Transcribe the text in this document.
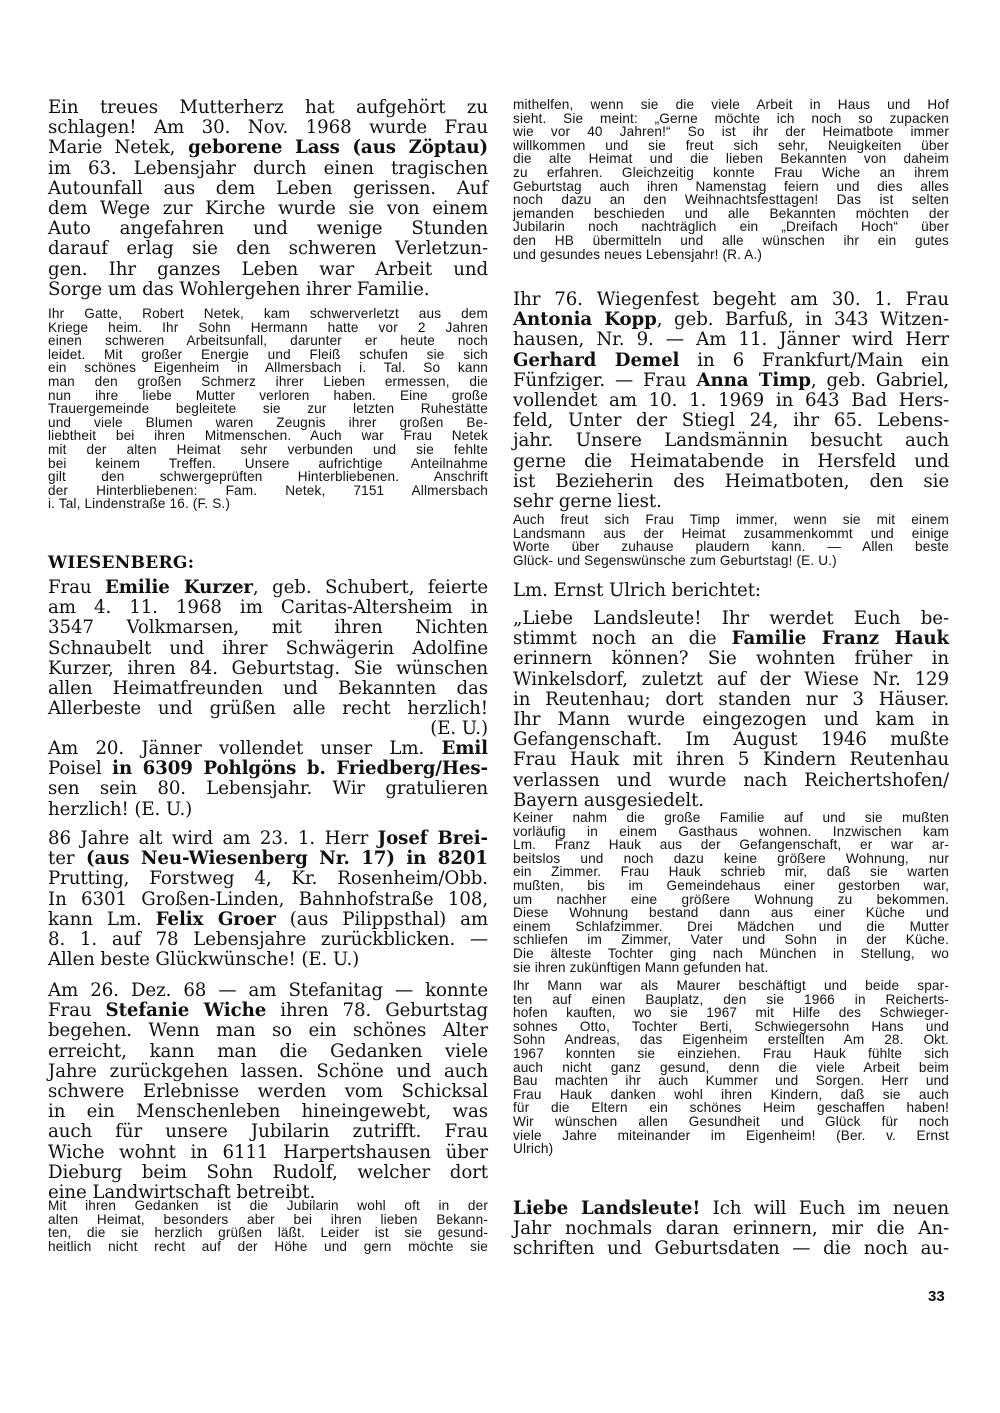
Ein treues Mutterherz hat aufgehört zu
schlagen! Am 30. Nov. 1968 wurde Frau
Marie Netek, geborene Lass (aus Zöptau)
im 63. Lebensjahr durch einen tragischen
Autounfall aus dem Leben gerissen. Auf
dem Wege zur Kirche wurde sie von einem
Auto angefahren und wenige Stunden
darauf erlag sie den schweren Verletzun-
gen. Ihr ganzes Leben war Arbeit und
Sorge um das Wohlergehen ihrer Familie.
Ihr Gatte, Robert Netek, kam schwerverletzt aus dem
Kriege heim. Ihr Sohn Hermann hatte vor 2 Jahren
einen schweren Arbeitsunfall, darunter er heute noch
leidet. Mit großer Energie und Fleiß schufen sie sich
ein schönes Eigenheim in Allmersbach i. Tal. So kann
man den großen Schmerz ihrer Lieben ermessen, die
nun ihre liebe Mutter verloren haben. Eine große
Trauergemeinde begleitete sie zur letzten Ruhestätte
und viele Blumen waren Zeugnis ihrer großen Be-
liebtheit bei ihren Mitmenschen. Auch war Frau Netek
mit der alten Heimat sehr verbunden und sie fehlte
bei keinem Treffen. Unsere aufrichtige Anteilnahme
gilt den schwergeprüften Hinterbliebenen. Anschrift
der Hinterbliebenen: Fam. Netek, 7151 Allmersbach
i. Tal, Lindenstraße 16. (F. S.)
WIESENBERG:
Frau Emilie Kurzer, geb. Schubert, feierte
am 4. 11. 1968 im Caritas-Altersheim in
3547 Volkmarsen, mit ihren Nichten
Schnaubelt und ihrer Schwägerin Adolfine
Kurzer, ihren 84. Geburtstag. Sie wünschen
allen Heimatfreunden und Bekannten das
Allerbeste und grüßen alle recht herzlich!
(E. U.)
Am 20. Jänner vollendet unser Lm. Emil
Poisel in 6309 Pohlgöns b. Friedberg/Hes-
sen sein 80. Lebensjahr. Wir gratulieren
herzlich! (E. U.)
86 Jahre alt wird am 23. 1. Herr Josef Brei-
ter (aus Neu-Wiesenberg Nr. 17) in 8201
Prutting, Forstweg 4, Kr. Rosenheim/Obb.
In 6301 Großen-Linden, Bahnhofstraße 108,
kann Lm. Felix Groer (aus Pilippsthal) am
8. 1. auf 78 Lebensjahre zurückblicken. —
Allen beste Glückwünsche! (E. U.)
Am 26. Dez. 68 — am Stefanitag — konnte
Frau Stefanie Wiche ihren 78. Geburtstag
begehen. Wenn man so ein schönes Alter
erreicht, kann man die Gedanken viele
Jahre zurückgehen lassen. Schöne und auch
schwere Erlebnisse werden vom Schicksal
in ein Menschenleben hineingewebt, was
auch für unsere Jubilarin zutrifft. Frau
Wiche wohnt in 6111 Harpertshausen über
Dieburg beim Sohn Rudolf, welcher dort
eine Landwirtschaft betreibt.
Mit ihren Gedanken ist die Jubilarin wohl oft in der
alten Heimat, besonders aber bei ihren lieben Bekann-
ten, die sie herzlich grüßen läßt. Leider ist sie gesund-
heitlich nicht recht auf der Höhe und gern möchte sie
mithelfen, wenn sie die viele Arbeit in Haus und Hof
sieht. Sie meint: „Gerne möchte ich noch so zupacken
wie vor 40 Jahren!“ So ist ihr der Heimatbote immer
willkommen und sie freut sich sehr, Neuigkeiten über
die alte Heimat und die lieben Bekannten von daheim
zu erfahren. Gleichzeitig konnte Frau Wiche an ihrem
Geburtstag auch ihren Namenstag feiern und dies alles
noch dazu an den Weihnachtsfesttagen! Das ist selten
jemanden beschieden und alle Bekannten möchten der
Jubilarin noch nachträglich ein „Dreifach Hoch“ über
den HB übermitteln und alle wünschen ihr ein gutes
und gesundes neues Lebensjahr! (R. A.)
Ihr 76. Wiegenfest begeht am 30. 1. Frau
Antonia Kopp, geb. Barfuß, in 343 Witzen-
hausen, Nr. 9. — Am 11. Jänner wird Herr
Gerhard Demel in 6 Frankfurt/Main ein
Fünfziger. — Frau Anna Timp, geb. Gabriel,
vollendet am 10. 1. 1969 in 643 Bad Hers-
feld, Unter der Stiegl 24, ihr 65. Lebens-
jahr. Unsere Landsmännin besucht auch
gerne die Heimatabende in Hersfeld und
ist Bezieherin des Heimatboten, den sie
sehr gerne liest.
Auch freut sich Frau Timp immer, wenn sie mit einem
Landsmann aus der Heimat zusammenkommt und einige
Worte über zuhause plaudern kann. — Allen beste
Glück- und Segenswünsche zum Geburtstag! (E. U.)
Lm. Ernst Ulrich berichtet:
„Liebe Landsleute! Ihr werdet Euch be-
stimmt noch an die Familie Franz Hauk
erinnern können? Sie wohnten früher in
Winkelsdorf, zuletzt auf der Wiese Nr. 129
in Reutenhau; dort standen nur 3 Häuser.
Ihr Mann wurde eingezogen und kam in
Gefangenschaft. Im August 1946 mußte
Frau Hauk mit ihren 5 Kindern Reutenhau
verlassen und wurde nach Reichertshofen/
Bayern ausgesiedelt.
Keiner nahm die große Familie auf und sie mußten
vorläufig in einem Gasthaus wohnen. Inzwischen kam
Lm. Franz Hauk aus der Gefangenschaft, er war ar-
beitslos und noch dazu keine größere Wohnung, nur
ein Zimmer. Frau Hauk schrieb mir, daß sie warten
mußten, bis im Gemeindehaus einer gestorben war,
um nachher eine größere Wohnung zu bekommen.
Diese Wohnung bestand dann aus einer Küche und
einem Schlafzimmer. Drei Mädchen und die Mutter
schliefen im Zimmer, Vater und Sohn in der Küche.
Die älteste Tochter ging nach München in Stellung, wo
sie ihren zukünftigen Mann gefunden hat.
Ihr Mann war als Maurer beschäftigt und beide spar-
ten auf einen Bauplatz, den sie 1966 in Reicherts-
hofen kauften, wo sie 1967 mit Hilfe des Schwieger-
sohnes Otto, Tochter Berti, Schwiegersohn Hans und
Sohn Andreas, das Eigenheim erstellten Am 28. Okt.
1967 konnten sie einziehen. Frau Hauk fühlte sich
auch nicht ganz gesund, denn die viele Arbeit beim
Bau machten ihr auch Kummer und Sorgen. Herr und
Frau Hauk danken wohl ihren Kindern, daß sie auch
für die Eltern ein schönes Heim geschaffen haben!
Wir wünschen allen Gesundheit und Glück für noch
viele Jahre miteinander im Eigenheim! (Ber. v. Ernst
Ulrich)
Liebe Landsleute! Ich will Euch im neuen
Jahr nochmals daran erinnern, mir die An-
schriften und Geburtsdaten — die noch au-
33
